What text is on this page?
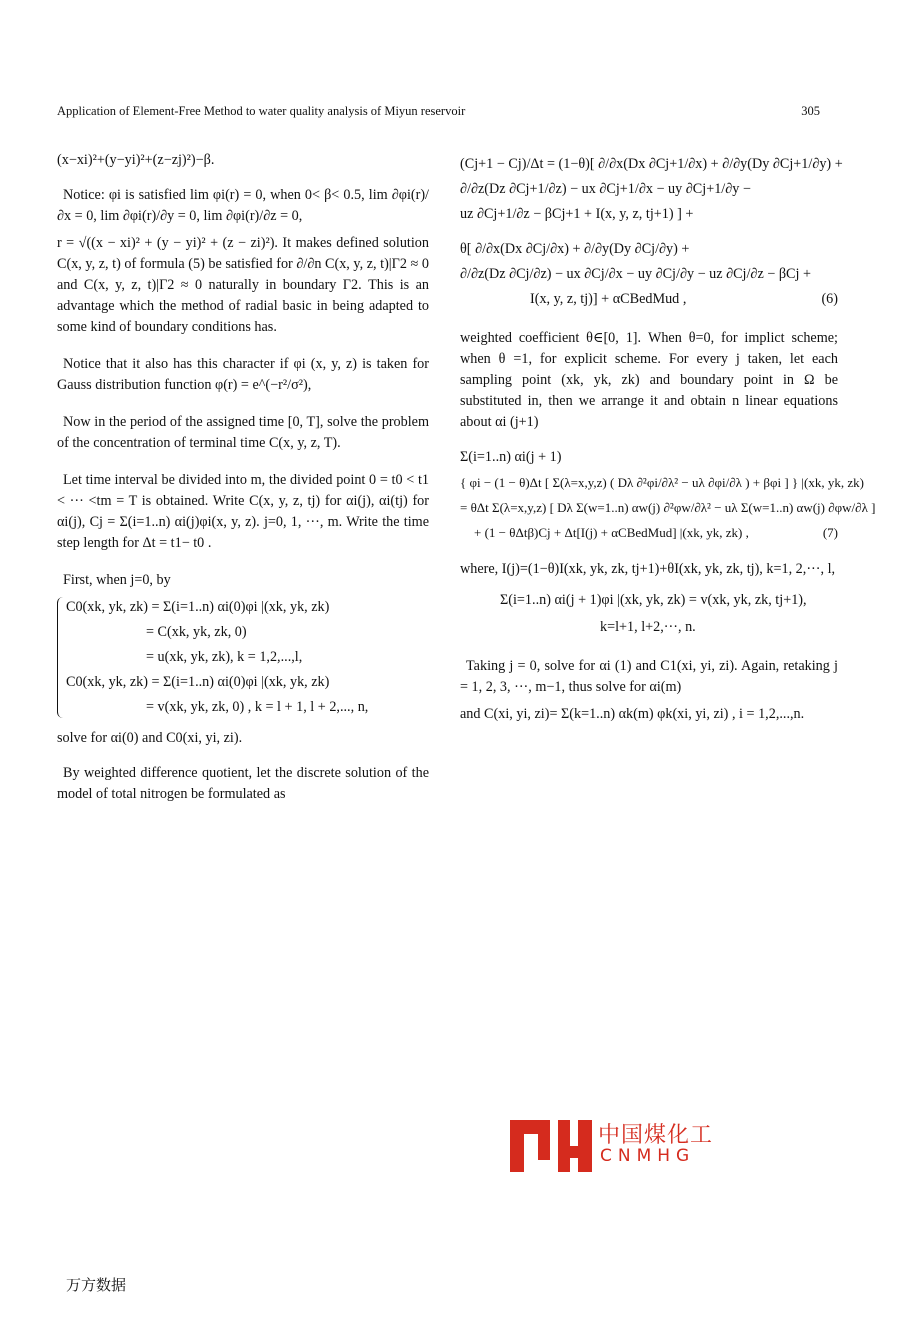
Application of Element-Free Method to water quality analysis of Miyun reservoir	305

(x−xi)²+(y−yi)²+(z−zj)²)−β.

Notice: φi is satisfied lim φi(r) = 0, when 0< β< 0.5, lim ∂φi(r)/∂x = 0, lim ∂φi(r)/∂y = 0, lim ∂φi(r)/∂z = 0,

r = √((x − xi)² + (y − yi)² + (z − zi)²). It makes defined solution C(x, y, z, t) of formula (5) be satisfied for ∂/∂n C(x, y, z, t)|Γ2 ≈ 0 and C(x, y, z, t)|Γ2 ≈ 0 naturally in boundary Γ2. This is an advantage which the method of radial basic in being adapted to some kind of boundary conditions has.

Notice that it also has this character if φi (x, y, z) is taken for Gauss distribution function φ(r) = e^(−r²/σ²),

Now in the period of the assigned time [0, T], solve the problem of the concentration of terminal time C(x, y, z, T).

Let time interval be divided into m, the divided point 0 = t0 < t1 < ··· <tm = T is obtained. Write C(x, y, z, tj) for αi(j), αi(tj) for αi(j), Cj = Σ(i=1..n) αi(j)φi(x, y, z). j=0, 1, ···, m. Write the time step length for Δt = t1− t0 .

First, when j=0, by

C0(xk, yk, zk) = Σ(i=1..n) αi(0)φi |(xk, yk, zk)
= C(xk, yk, zk, 0)
= u(xk, yk, zk), k = 1,2,...,l,
C0(xk, yk, zk) = Σ(i=1..n) αi(0)φi |(xk, yk, zk)
= v(xk, yk, zk, 0) , k = l + 1, l + 2,..., n,

solve for αi(0) and C0(xi, yi, zi).

By weighted difference quotient, let the discrete solution of the model of total nitrogen be formulated as

(Cj+1 − Cj)/Δt = (1−θ)[ ∂/∂x(Dx ∂Cj+1/∂x) + ∂/∂y(Dy ∂Cj+1/∂y) +
∂/∂z(Dz ∂Cj+1/∂z) − ux ∂Cj+1/∂x − uy ∂Cj+1/∂y −
uz ∂Cj+1/∂z − βCj+1 + I(x, y, z, tj+1) ] +
θ[ ∂/∂x(Dx ∂Cj/∂x) + ∂/∂y(Dy ∂Cj/∂y) +
∂/∂z(Dz ∂Cj/∂z) − ux ∂Cj/∂x − uy ∂Cj/∂y − uz ∂Cj/∂z − βCj +
I(x, y, z, tj)] + αCBedMud ,	(6)

weighted coefficient θ∈[0, 1]. When θ=0, for implict scheme; when θ =1, for explicit scheme. For every j taken, let each sampling point (xk, yk, zk) and boundary point in Ω be substituted in, then we arrange it and obtain n linear equations about αi (j+1)

Σ(i=1..n) αi(j + 1)
{ φi − (1 − θ)Δt [ Σ(λ=x,y,z) ( Dλ ∂²φi/∂λ² − uλ ∂φi/∂λ ) + βφi ] } |(xk, yk, zk)
= θΔt Σ(λ=x,y,z) [ Dλ Σ(w=1..n) αw(j) ∂²φw/∂λ² − uλ Σ(w=1..n) αw(j) ∂φw/∂λ ]
+ (1 − θΔtβ)Cj + Δt[I(j) + αCBedMud] |(xk, yk, zk) ,	(7)

where, I(j)=(1−θ)I(xk, yk, zk, tj+1)+θI(xk, yk, zk, tj), k=1, 2,···, l,

Σ(i=1..n) αi(j + 1)φi |(xk, yk, zk) = v(xk, yk, zk, tj+1),
k=l+1, l+2,···, n.

Taking j = 0, solve for αi (1) and C1(xi, yi, zi). Again, retaking j = 1, 2, 3, ···, m−1, thus solve for αi(m)

and C(xi, yi, zi)= Σ(k=1..n) αk(m) φk(xi, yi, zi) , i = 1,2,...,n.

中国煤化工
CNMHG
万方数据
